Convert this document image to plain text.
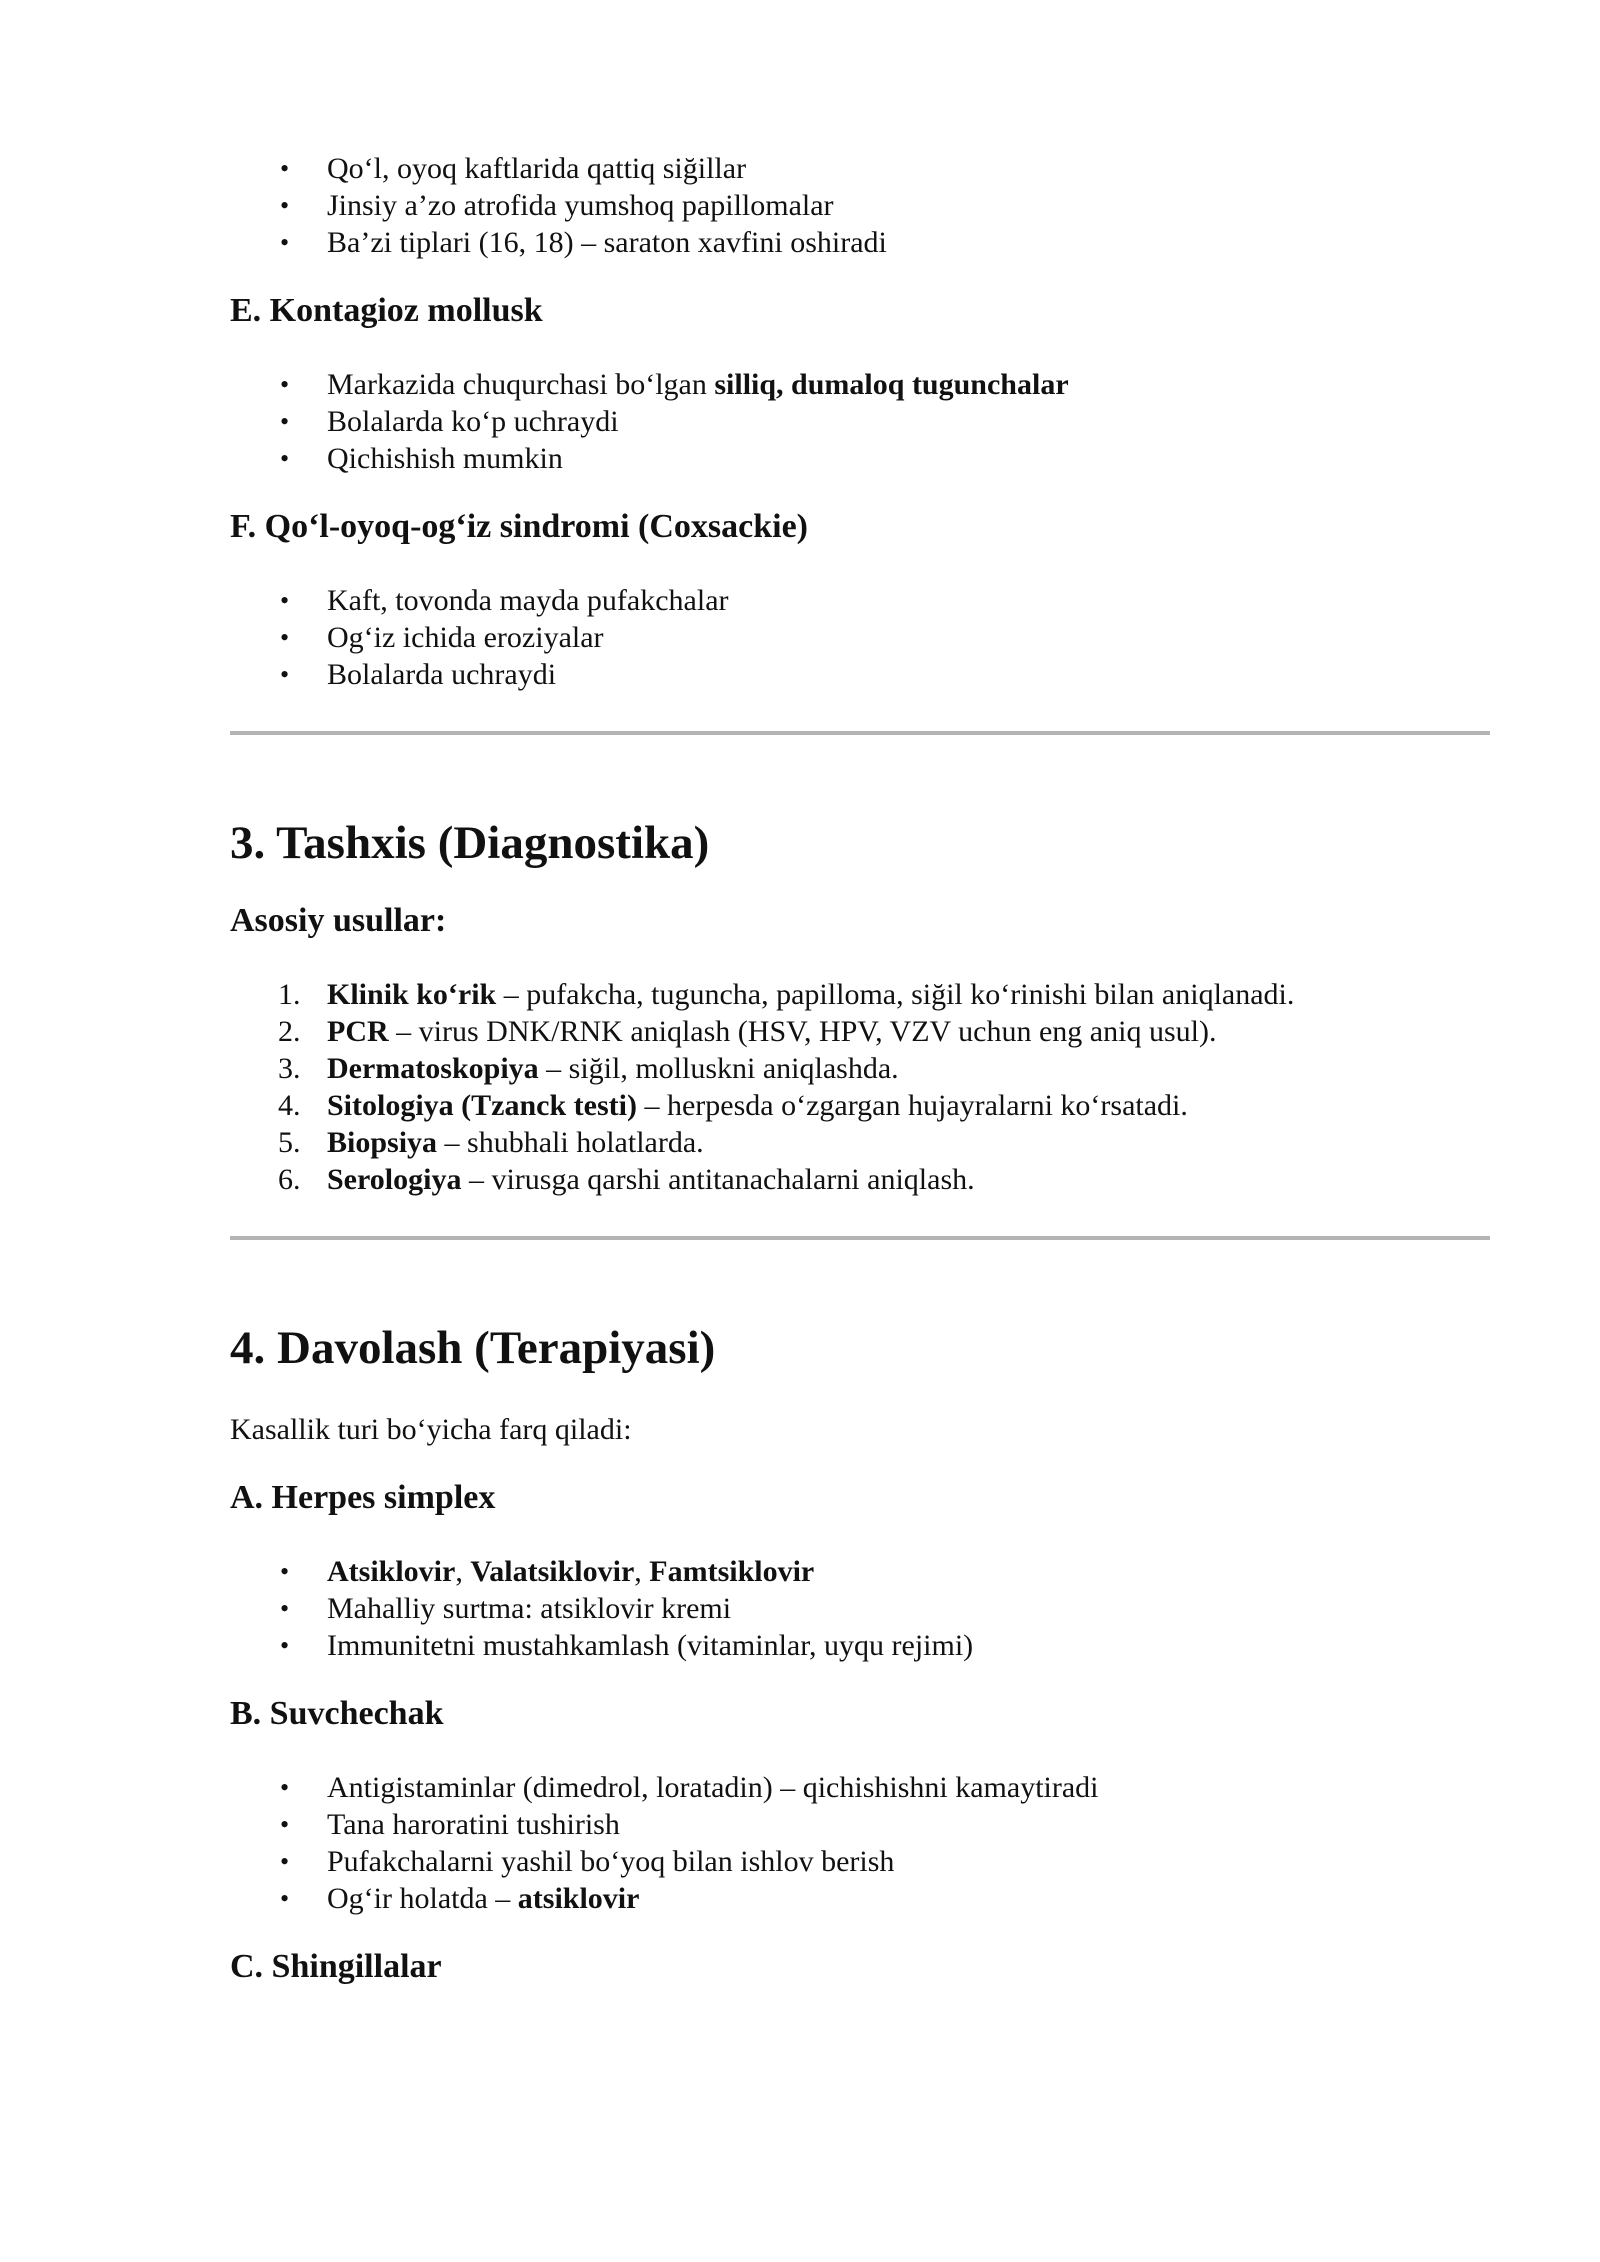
• Qo‘l, oyoq kaftlarida qattiq siğillar
• Jinsiy a’zo atrofida yumshoq papillomalar
• Ba’zi tiplari (16, 18) – saraton xavfini oshiradi
E. Kontagioz mollusk
• Markazida chuqurchasi bo‘lgan silliq, dumaloq tugunchalar
• Bolalarda ko‘p uchraydi
• Qichishish mumkin
F. Qo‘l-oyoq-og‘iz sindromi (Coxsackie)
• Kaft, tovonda mayda pufakchalar
• Og‘iz ichida eroziyalar
• Bolalarda uchraydi
3. Tashxis (Diagnostika)
Asosiy usullar:
1. Klinik ko‘rik – pufakcha, tuguncha, papilloma, siğil ko‘rinishi bilan aniqlanadi.
2. PCR – virus DNK/RNK aniqlash (HSV, HPV, VZV uchun eng aniq usul).
3. Dermatoskopiya – siğil, molluskni aniqlashda.
4. Sitologiya (Tzanck testi) – herpesda o‘zgargan hujayralarni ko‘rsatadi.
5. Biopsiya – shubhali holatlarda.
6. Serologiya – virusga qarshi antitanachalarni aniqlash.
4. Davolash (Terapiyasi)

Kasallik turi bo‘yicha farq qiladi:

A. Herpes simplex
• Atsiklovir, Valatsiklovir, Famtsiklovir
• Mahalliy surtma: atsiklovir kremi
• Immunitetni mustahkamlash (vitaminlar, uyqu rejimi)
B. Suvchechak
• Antigistaminlar (dimedrol, loratadin) – qichishishni kamaytiradi
• Tana haroratini tushirish
• Pufakchalarni yashil bo‘yoq bilan ishlov berish
• Og‘ir holatda – atsiklovir
C. Shingillalar
